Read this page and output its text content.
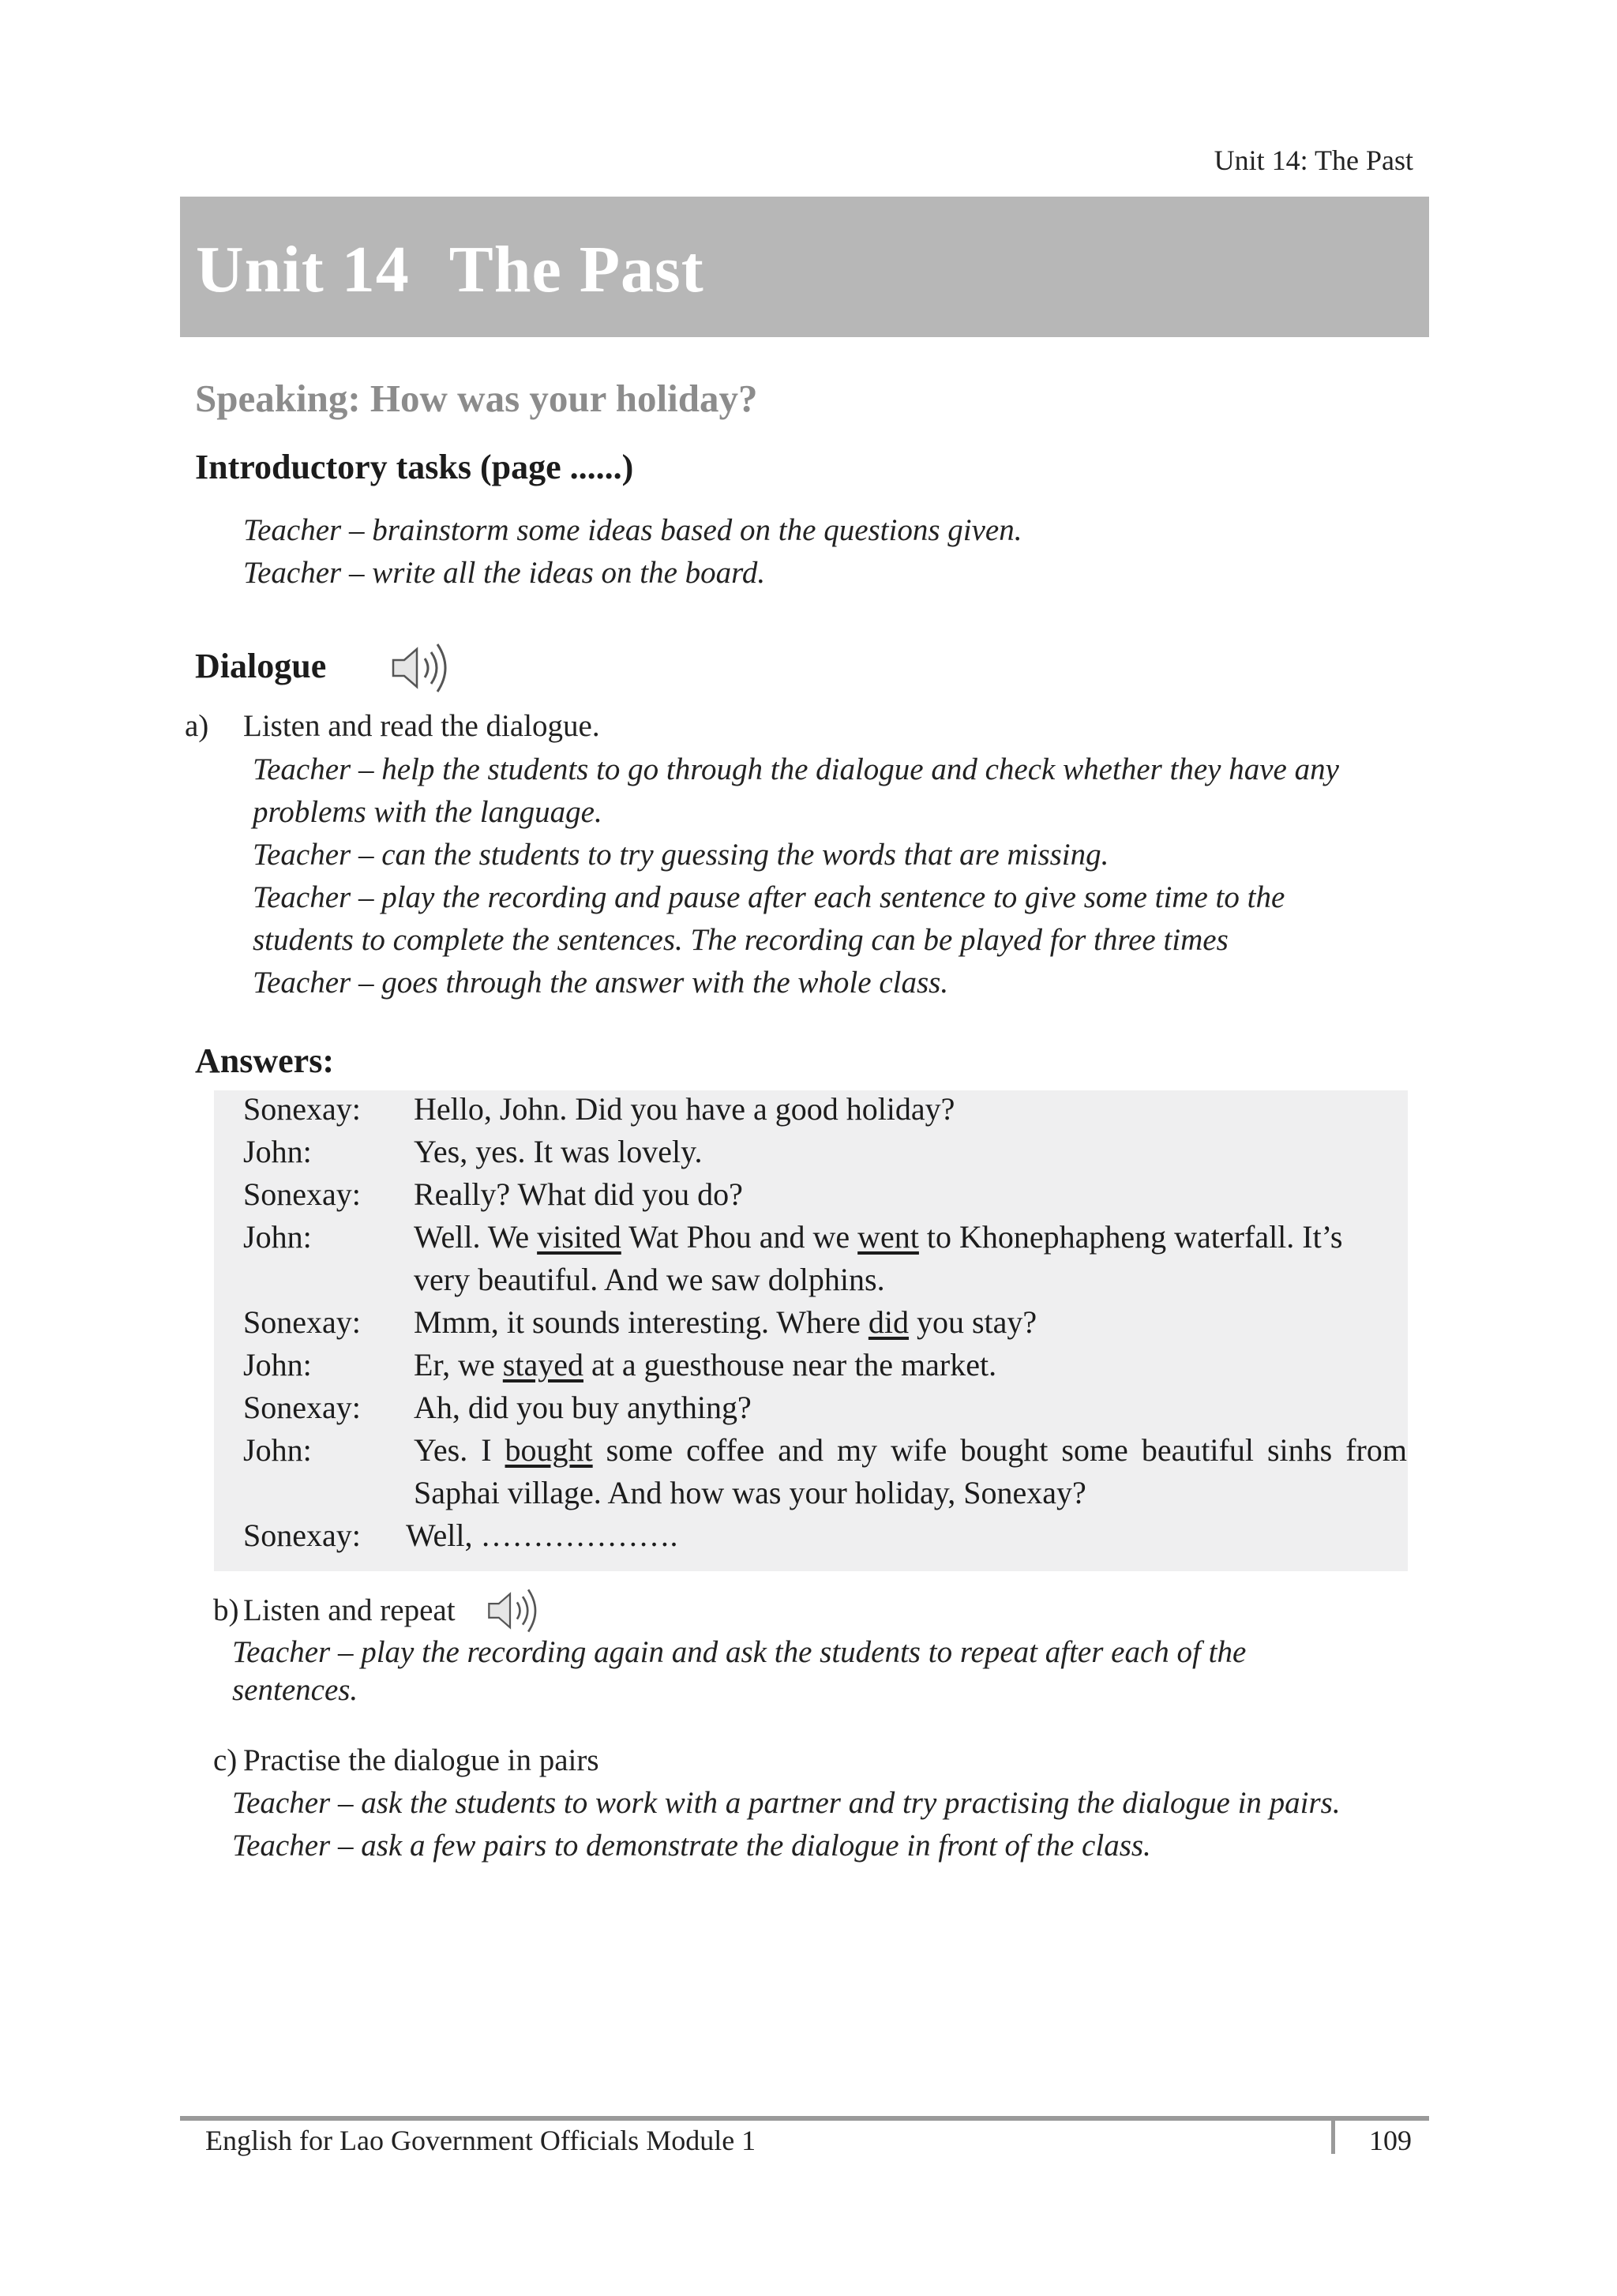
Unit 14: The Past
Unit 14 The Past
Speaking: How was your holiday?
Introductory tasks (page ......)
Teacher – brainstorm some ideas based on the questions given.
Teacher – write all the ideas on the board.
Dialogue
a) Listen and read the dialogue.
Teacher – help the students to go through the dialogue and check whether they have any
problems with the language.
Teacher – can the students to try guessing the words that are missing.
Teacher – play the recording and pause after each sentence to give some time to the
students to complete the sentences. The recording can be played for three times
Teacher – goes through the answer with the whole class.
Answers:
Sonexay: Hello, John. Did you have a good holiday?
John:	Yes, yes. It was lovely.
Sonexay: Really? What did you do?
John:	Well. We visited Wat Phou and we went to Khonephapheng waterfall. It’s
very beautiful. And we saw dolphins.
Sonexay: Mmm, it sounds interesting. Where did you stay?
John:	Er, we stayed at a guesthouse near the market.
Sonexay: Ah, did you buy anything?
John:	Yes. I bought some coffee and my wife bought some beautiful sinhs from
Saphai village. And how was your holiday, Sonexay?
Sonexay: Well, ……………….
b) Listen and repeat
Teacher – play the recording again and ask the students to repeat after each of the
sentences.
c) Practise the dialogue in pairs
Teacher – ask the students to work with a partner and try practising the dialogue in pairs.
Teacher – ask a few pairs to demonstrate the dialogue in front of the class.
English for Lao Government Officials Module 1	109
